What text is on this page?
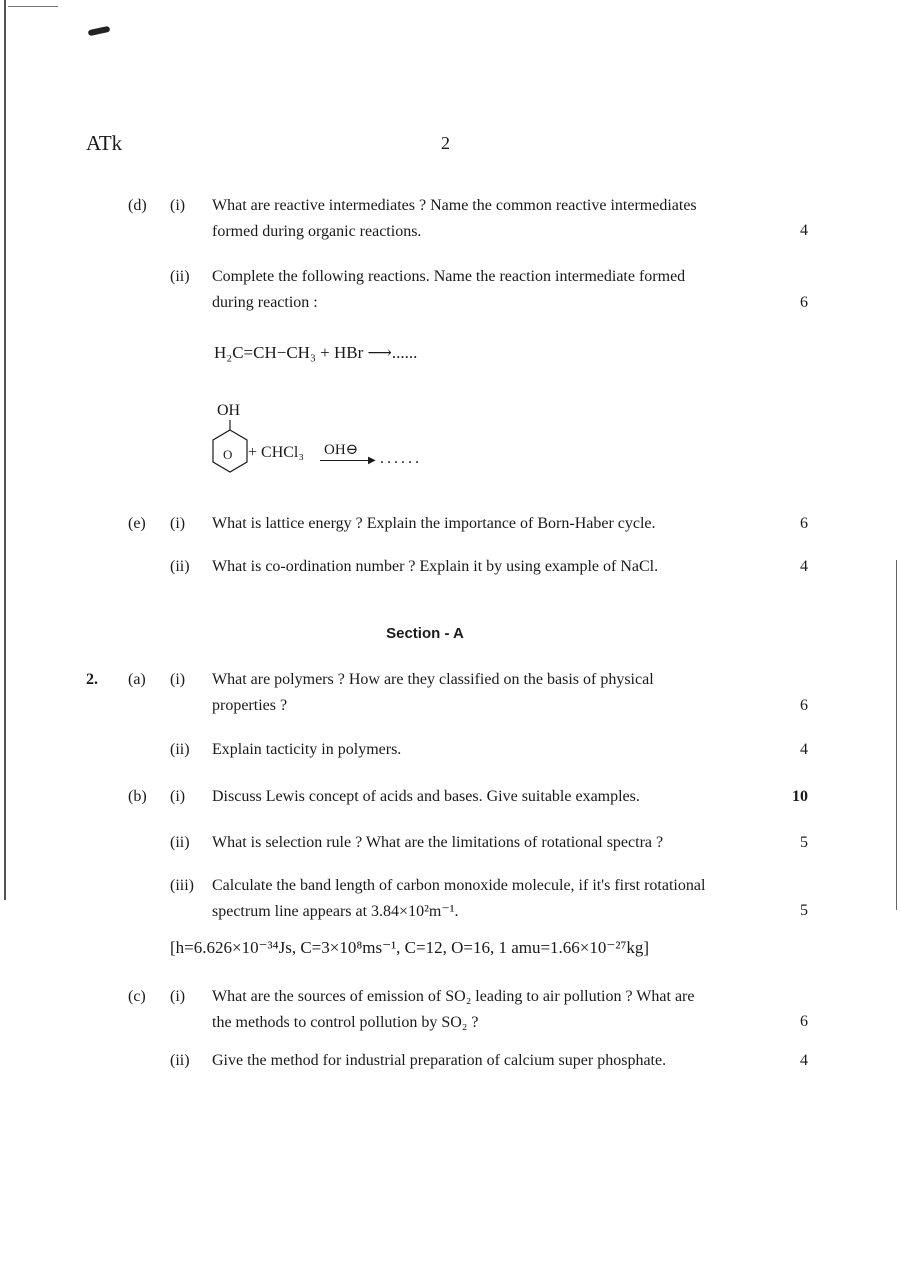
ATk	2
(d) (i) What are reactive intermediates ? Name the common reactive intermediates
formed during organic reactions.	4
(ii) Complete the following reactions. Name the reaction intermediate formed
during reaction :	6
H₂C=CH−CH₃ + HBr ⟶......
OH
O + CHCl₃ OH⊖
▶ ......
(e) (i) What is lattice energy ? Explain the importance of Born-Haber cycle.	6
(ii) What is co-ordination number ? Explain it by using example of NaCl.	4
Section - A
2. (a) (i) What are polymers ? How are they classified on the basis of physical
properties ?	6
(ii) Explain tacticity in polymers.	4
(b) (i) Discuss Lewis concept of acids and bases. Give suitable examples.	10
(ii) What is selection rule ? What are the limitations of rotational spectra ?	5
(iii) Calculate the band length of carbon monoxide molecule, if it's first rotational
spectrum line appears at 3.84×10²m⁻¹.	5
[h=6.626×10⁻³⁴Js, C=3×10⁸ms⁻¹, C=12, O=16, 1 amu=1.66×10⁻²⁷kg]
(c) (i) What are the sources of emission of SO₂ leading to air pollution ? What are
the methods to control pollution by SO₂ ?	6
(ii) Give the method for industrial preparation of calcium super phosphate.	4
